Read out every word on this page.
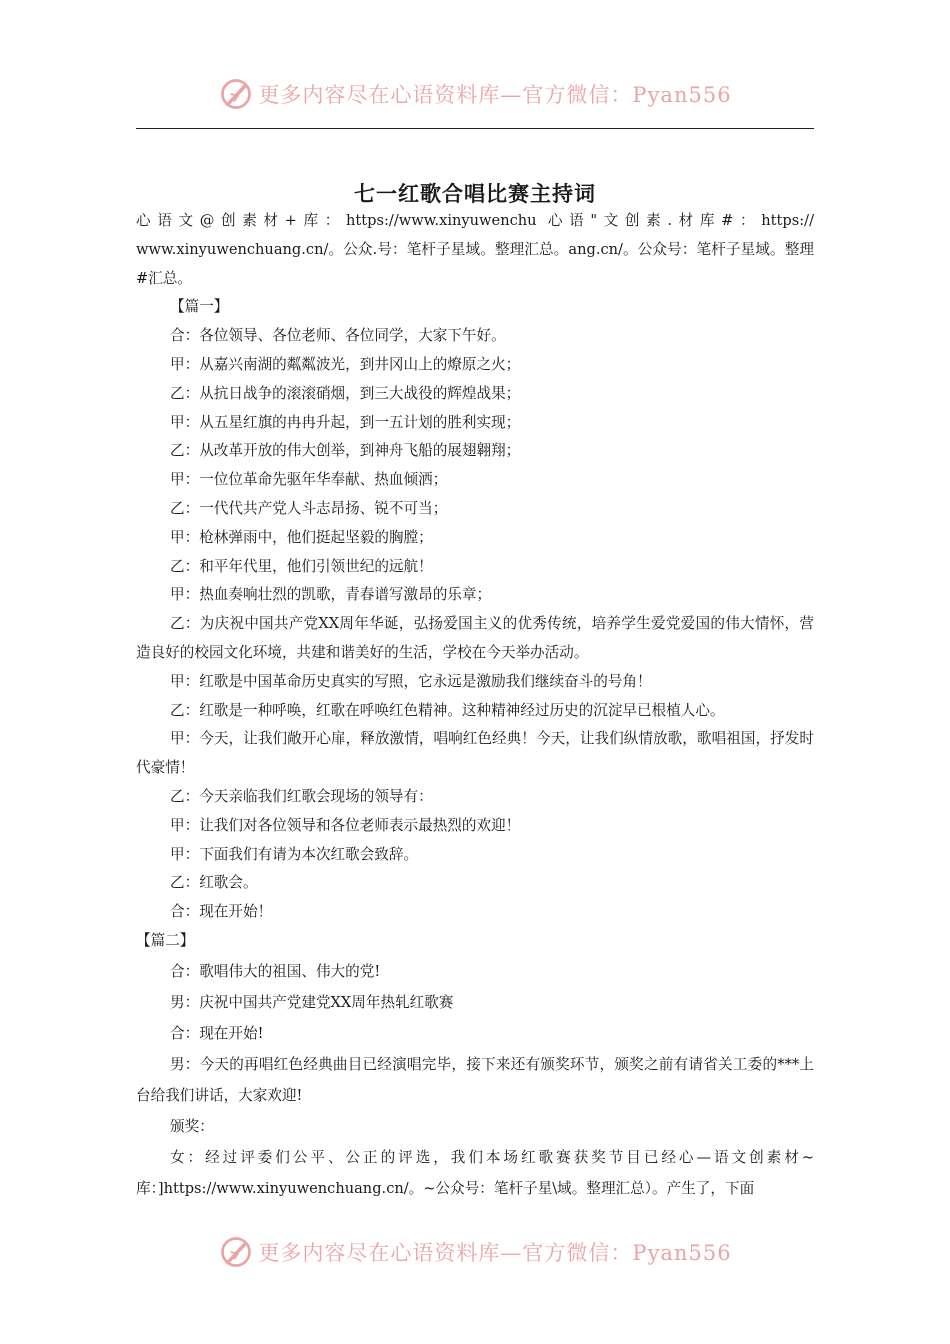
更多内容尽在心语资料库—官方微信：Pyan556
七一红歌合唱比赛主持词

心语文@创素材+库：https://www.xinyuwenchu 心语"文创素.材库#：https:// www.xinyuwenchuang.cn/。公众.号：笔杆子星域。整理汇总。ang.cn/。公众号：笔杆子星域。整理#汇总。

【篇一】

合：各位领导、各位老师、各位同学，大家下午好。

甲：从嘉兴南湖的粼粼波光，到井冈山上的燎原之火；

乙：从抗日战争的滚滚硝烟，到三大战役的辉煌战果；

甲：从五星红旗的冉冉升起，到一五计划的胜利实现；

乙：从改革开放的伟大创举，到神舟飞船的展翅翱翔；

甲：一位位革命先驱年华奉献、热血倾洒；

乙：一代代共产党人斗志昂扬、锐不可当；

甲：枪林弹雨中，他们挺起坚毅的胸膛；

乙：和平年代里，他们引领世纪的远航！

甲：热血奏响壮烈的凯歌，青春谱写激昂的乐章；

乙：为庆祝中国共产党XX周年华诞，弘扬爱国主义的优秀传统，培养学生爱党爱国的伟大情怀，营造良好的校园文化环境，共建和谐美好的生活，学校在今天举办活动。

甲：红歌是中国革命历史真实的写照，它永远是激励我们继续奋斗的号角！

乙：红歌是一种呼唤，红歌在呼唤红色精神。这种精神经过历史的沉淀早已根植人心。

甲：今天，让我们敞开心扉，释放激情，唱响红色经典！今天，让我们纵情放歌，歌唱祖国，抒发时代豪情！

乙：今天亲临我们红歌会现场的领导有：

甲：让我们对各位领导和各位老师表示最热烈的欢迎！

甲：下面我们有请为本次红歌会致辞。

乙：红歌会。

合：现在开始！

【篇二】

合：歌唱伟大的祖国、伟大的党!

男：庆祝中国共产党建党XX周年热轧红歌赛

合：现在开始!

男：今天的再唱红色经典曲目已经演唱完毕，接下来还有颁奖环节，颁奖之前有请省关工委的***上台给我们讲话，大家欢迎!

颁奖：

女：经过评委们公平、公正的评选，我们本场红歌赛获奖节目已经心—语文创素材~库：]https://www.xinyuwenchuang.cn/。~公众号：笔杆子星\域。整理汇总）。产生了，下面

更多内容尽在心语资料库—官方微信：Pyan556
